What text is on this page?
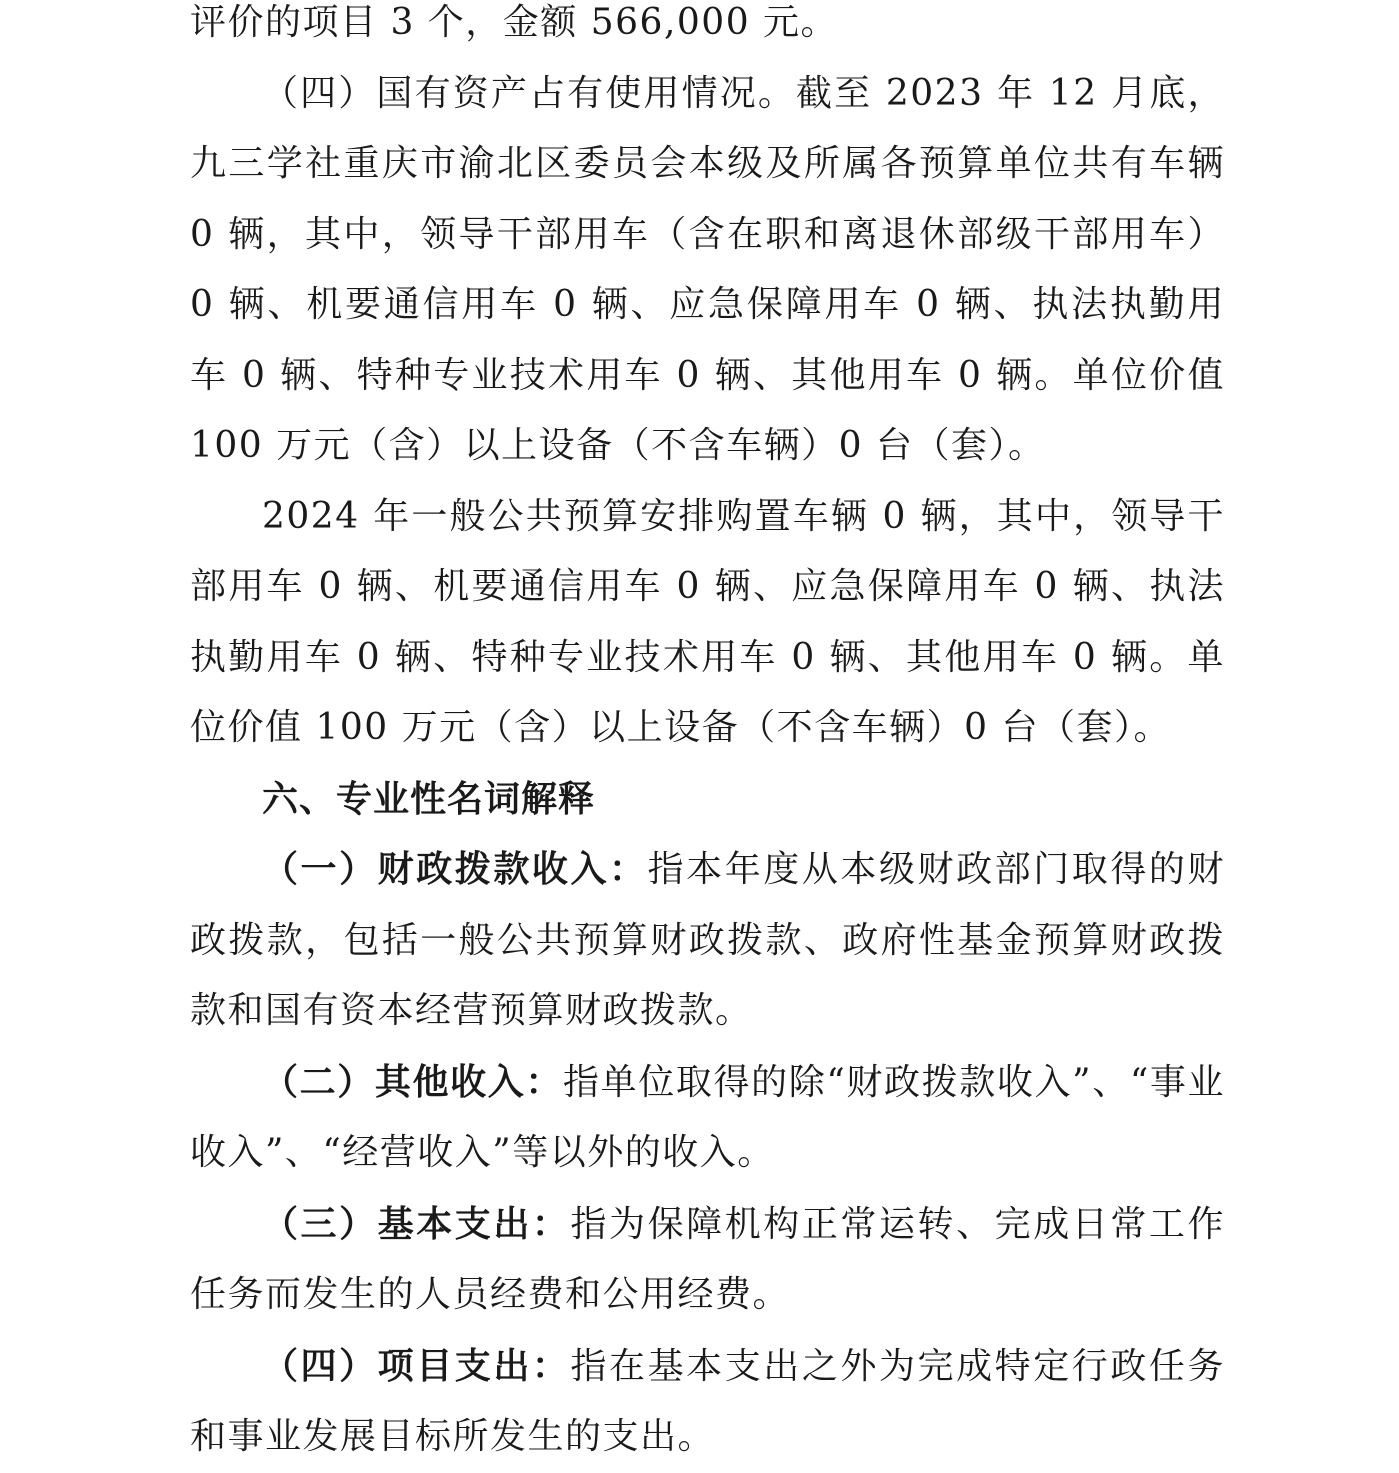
评价的项目 3 个，金额 566,000 元。

（四）国有资产占有使用情况。截至 2023 年 12 月底，九三学社重庆市渝北区委员会本级及所属各预算单位共有车辆 0 辆，其中，领导干部用车（含在职和离退休部级干部用车）0 辆、机要通信用车 0 辆、应急保障用车 0 辆、执法执勤用车 0 辆、特种专业技术用车 0 辆、其他用车 0 辆。单位价值 100 万元（含）以上设备（不含车辆）0 台（套）。

2024 年一般公共预算安排购置车辆 0 辆，其中，领导干部用车 0 辆、机要通信用车 0 辆、应急保障用车 0 辆、执法执勤用车 0 辆、特种专业技术用车 0 辆、其他用车 0 辆。单位价值 100 万元（含）以上设备（不含车辆）0 台（套）。

六、专业性名词解释

（一）财政拨款收入：指本年度从本级财政部门取得的财政拨款，包括一般公共预算财政拨款、政府性基金预算财政拨款和国有资本经营预算财政拨款。

（二）其他收入：指单位取得的除“财政拨款收入”、“事业收入”、“经营收入”等以外的收入。

（三）基本支出：指为保障机构正常运转、完成日常工作任务而发生的人员经费和公用经费。

（四）项目支出：指在基本支出之外为完成特定行政任务和事业发展目标所发生的支出。
